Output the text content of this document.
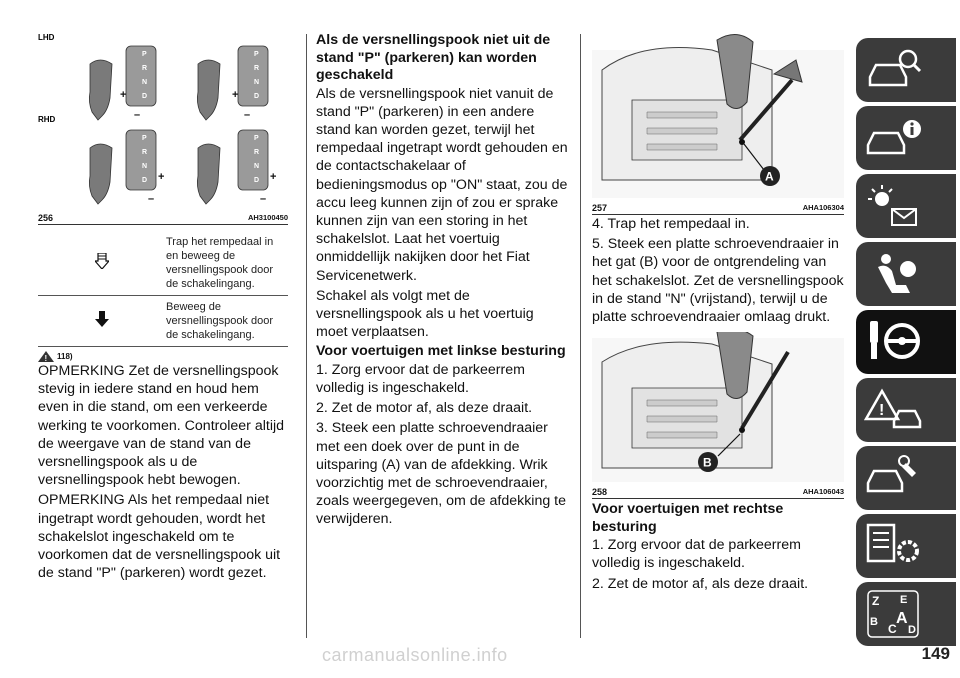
LHD
RHD
P
R
N
D
P
R
N
D
P
R
N
D
P
R
N
D
+
–
+
–
+
–
+
–
256	AH3100450
	Trap het rempedaal in en beweeg de versnellingspook door de schakelingang.
	Beweeg de versnellingspook door de schakelingang.
! 118)

OPMERKING Zet de versnellingspook stevig in iedere stand en houd hem even in die stand, om een verkeerde werking te voorkomen. Controleer altijd de weergave van de stand van de versnellingspook als u de versnellingspook hebt bewogen.

OPMERKING Als het rempedaal niet ingetrapt wordt gehouden, wordt het schakelslot ingeschakeld om te voorkomen dat de versnellingspook uit de stand "P" (parkeren) wordt gezet.

Als de versnellingspook niet uit de stand "P" (parkeren) kan worden geschakeld

Als de versnellingspook niet vanuit de stand "P" (parkeren) in een andere stand kan worden gezet, terwijl het rempedaal ingetrapt wordt gehouden en de contactschakelaar of bedieningsmodus op "ON" staat, zou de accu leeg kunnen zijn of zou er sprake kunnen zijn van een storing in het schakelslot. Laat het voertuig onmiddellijk nakijken door het Fiat Servicenetwerk.

Schakel als volgt met de versnellingspook als u het voertuig moet verplaatsen.

Voor voertuigen met linkse besturing

1. Zorg ervoor dat de parkeerrem volledig is ingeschakeld.

2. Zet de motor af, als deze draait.

3. Steek een platte schroevendraaier met een doek over de punt in de uitsparing (A) van de afdekking. Wrik voorzichtig met de schroevendraaier, zoals weergegeven, om de afdekking te verwijderen.

A
257	AHA106304

4. Trap het rempedaal in.

5. Steek een platte schroevendraaier in het gat (B) voor de ontgrendeling van het schakelslot. Zet de versnellingspook in de stand "N" (vrijstand), terwijl u de platte schroevendraaier omlaag drukt.

B
258	AHA106043
Voor voertuigen met rechtse besturing

1. Zorg ervoor dat de parkeerrem volledig is ingeschakeld.

2. Zet de motor af, als deze draait.

!
Z E
B C
A
D
carmanualsonline.info	149
